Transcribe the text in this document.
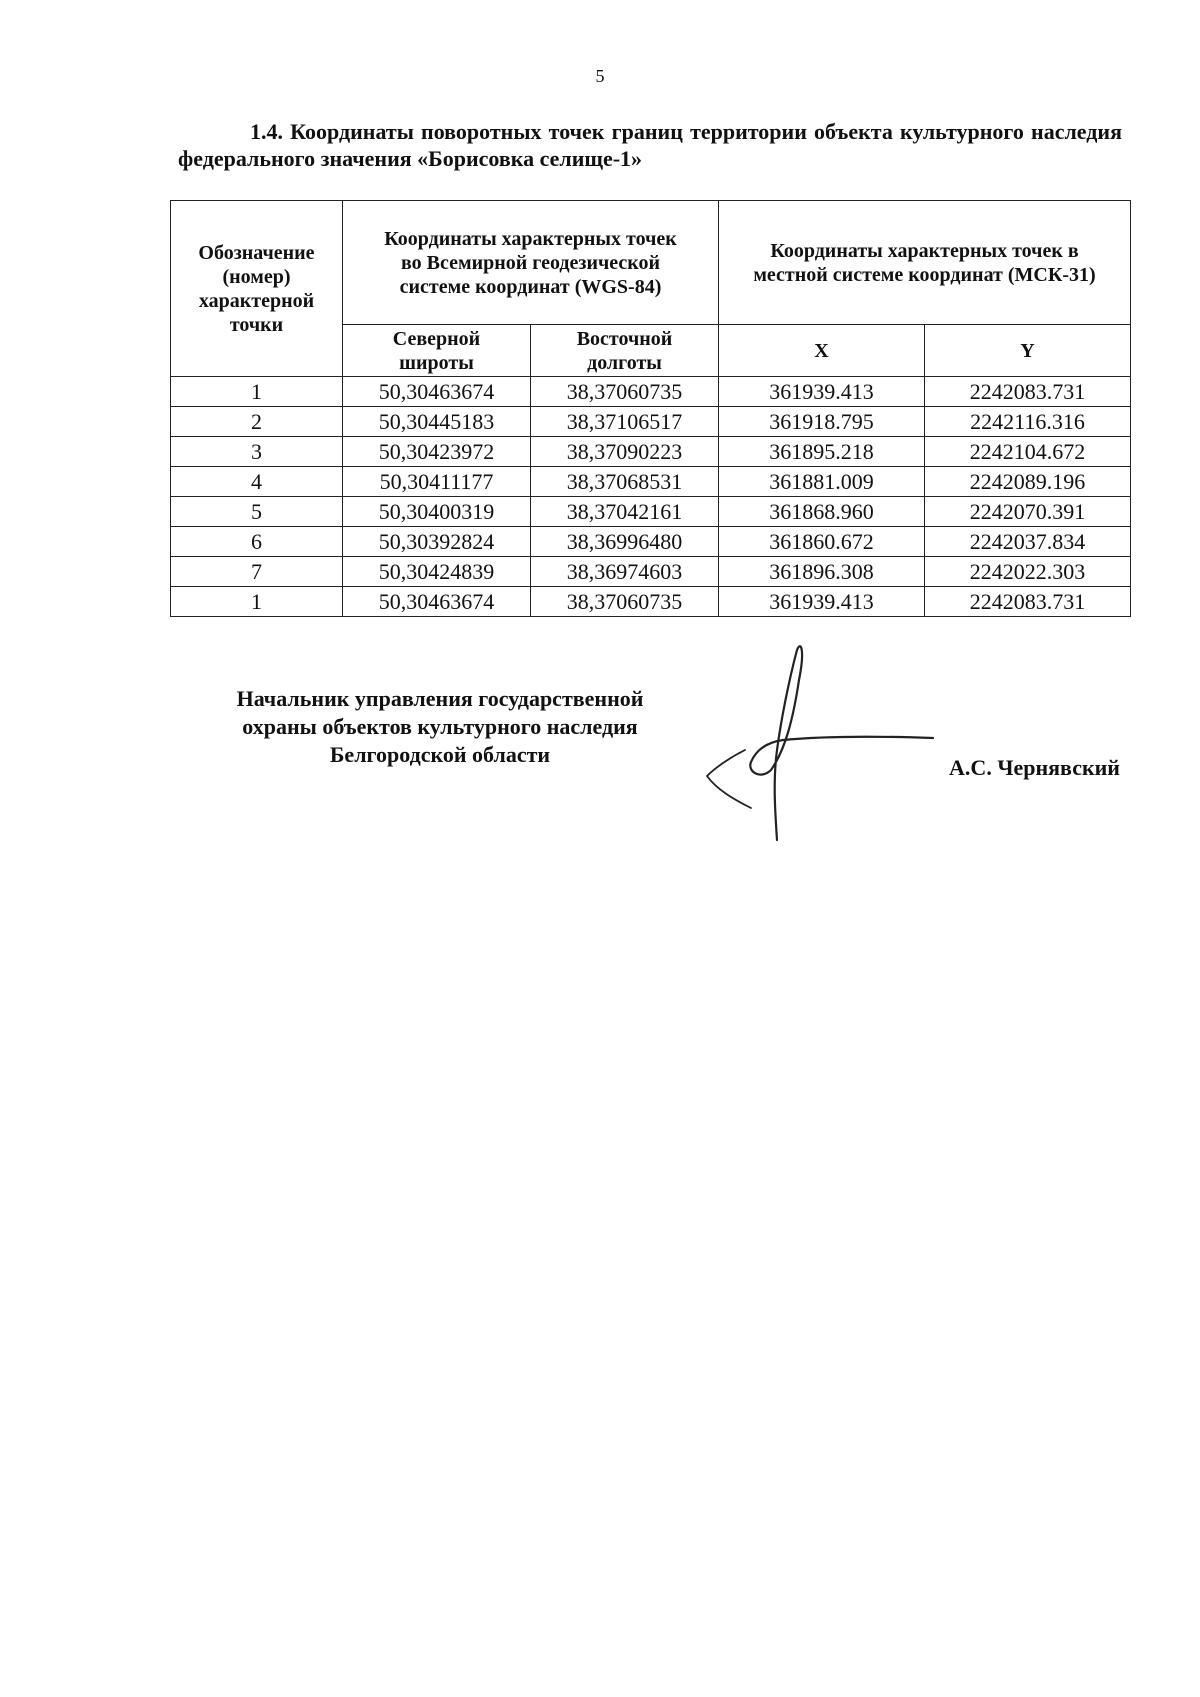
5
1.4. Координаты поворотных точек границ территории объекта культурного наследия федерального значения «Борисовка селище-1»
Обозначение (номер) характерной точки	Координаты характерных точек во Всемирной геодезической системе координат (WGS-84)		Координаты характерных точек в местной системе координат (МСК-31)	
	Северной широты	Восточной долготы	X	Y
1	50,30463674	38,37060735	361939.413	2242083.731
2	50,30445183	38,37106517	361918.795	2242116.316
3	50,30423972	38,37090223	361895.218	2242104.672
4	50,30411177	38,37068531	361881.009	2242089.196
5	50,30400319	38,37042161	361868.960	2242070.391
6	50,30392824	38,36996480	361860.672	2242037.834
7	50,30424839	38,36974603	361896.308	2242022.303
1	50,30463674	38,37060735	361939.413	2242083.731
Начальник управления государственной
охраны объектов культурного наследия
Белгородской области
А.С. Чернявский
